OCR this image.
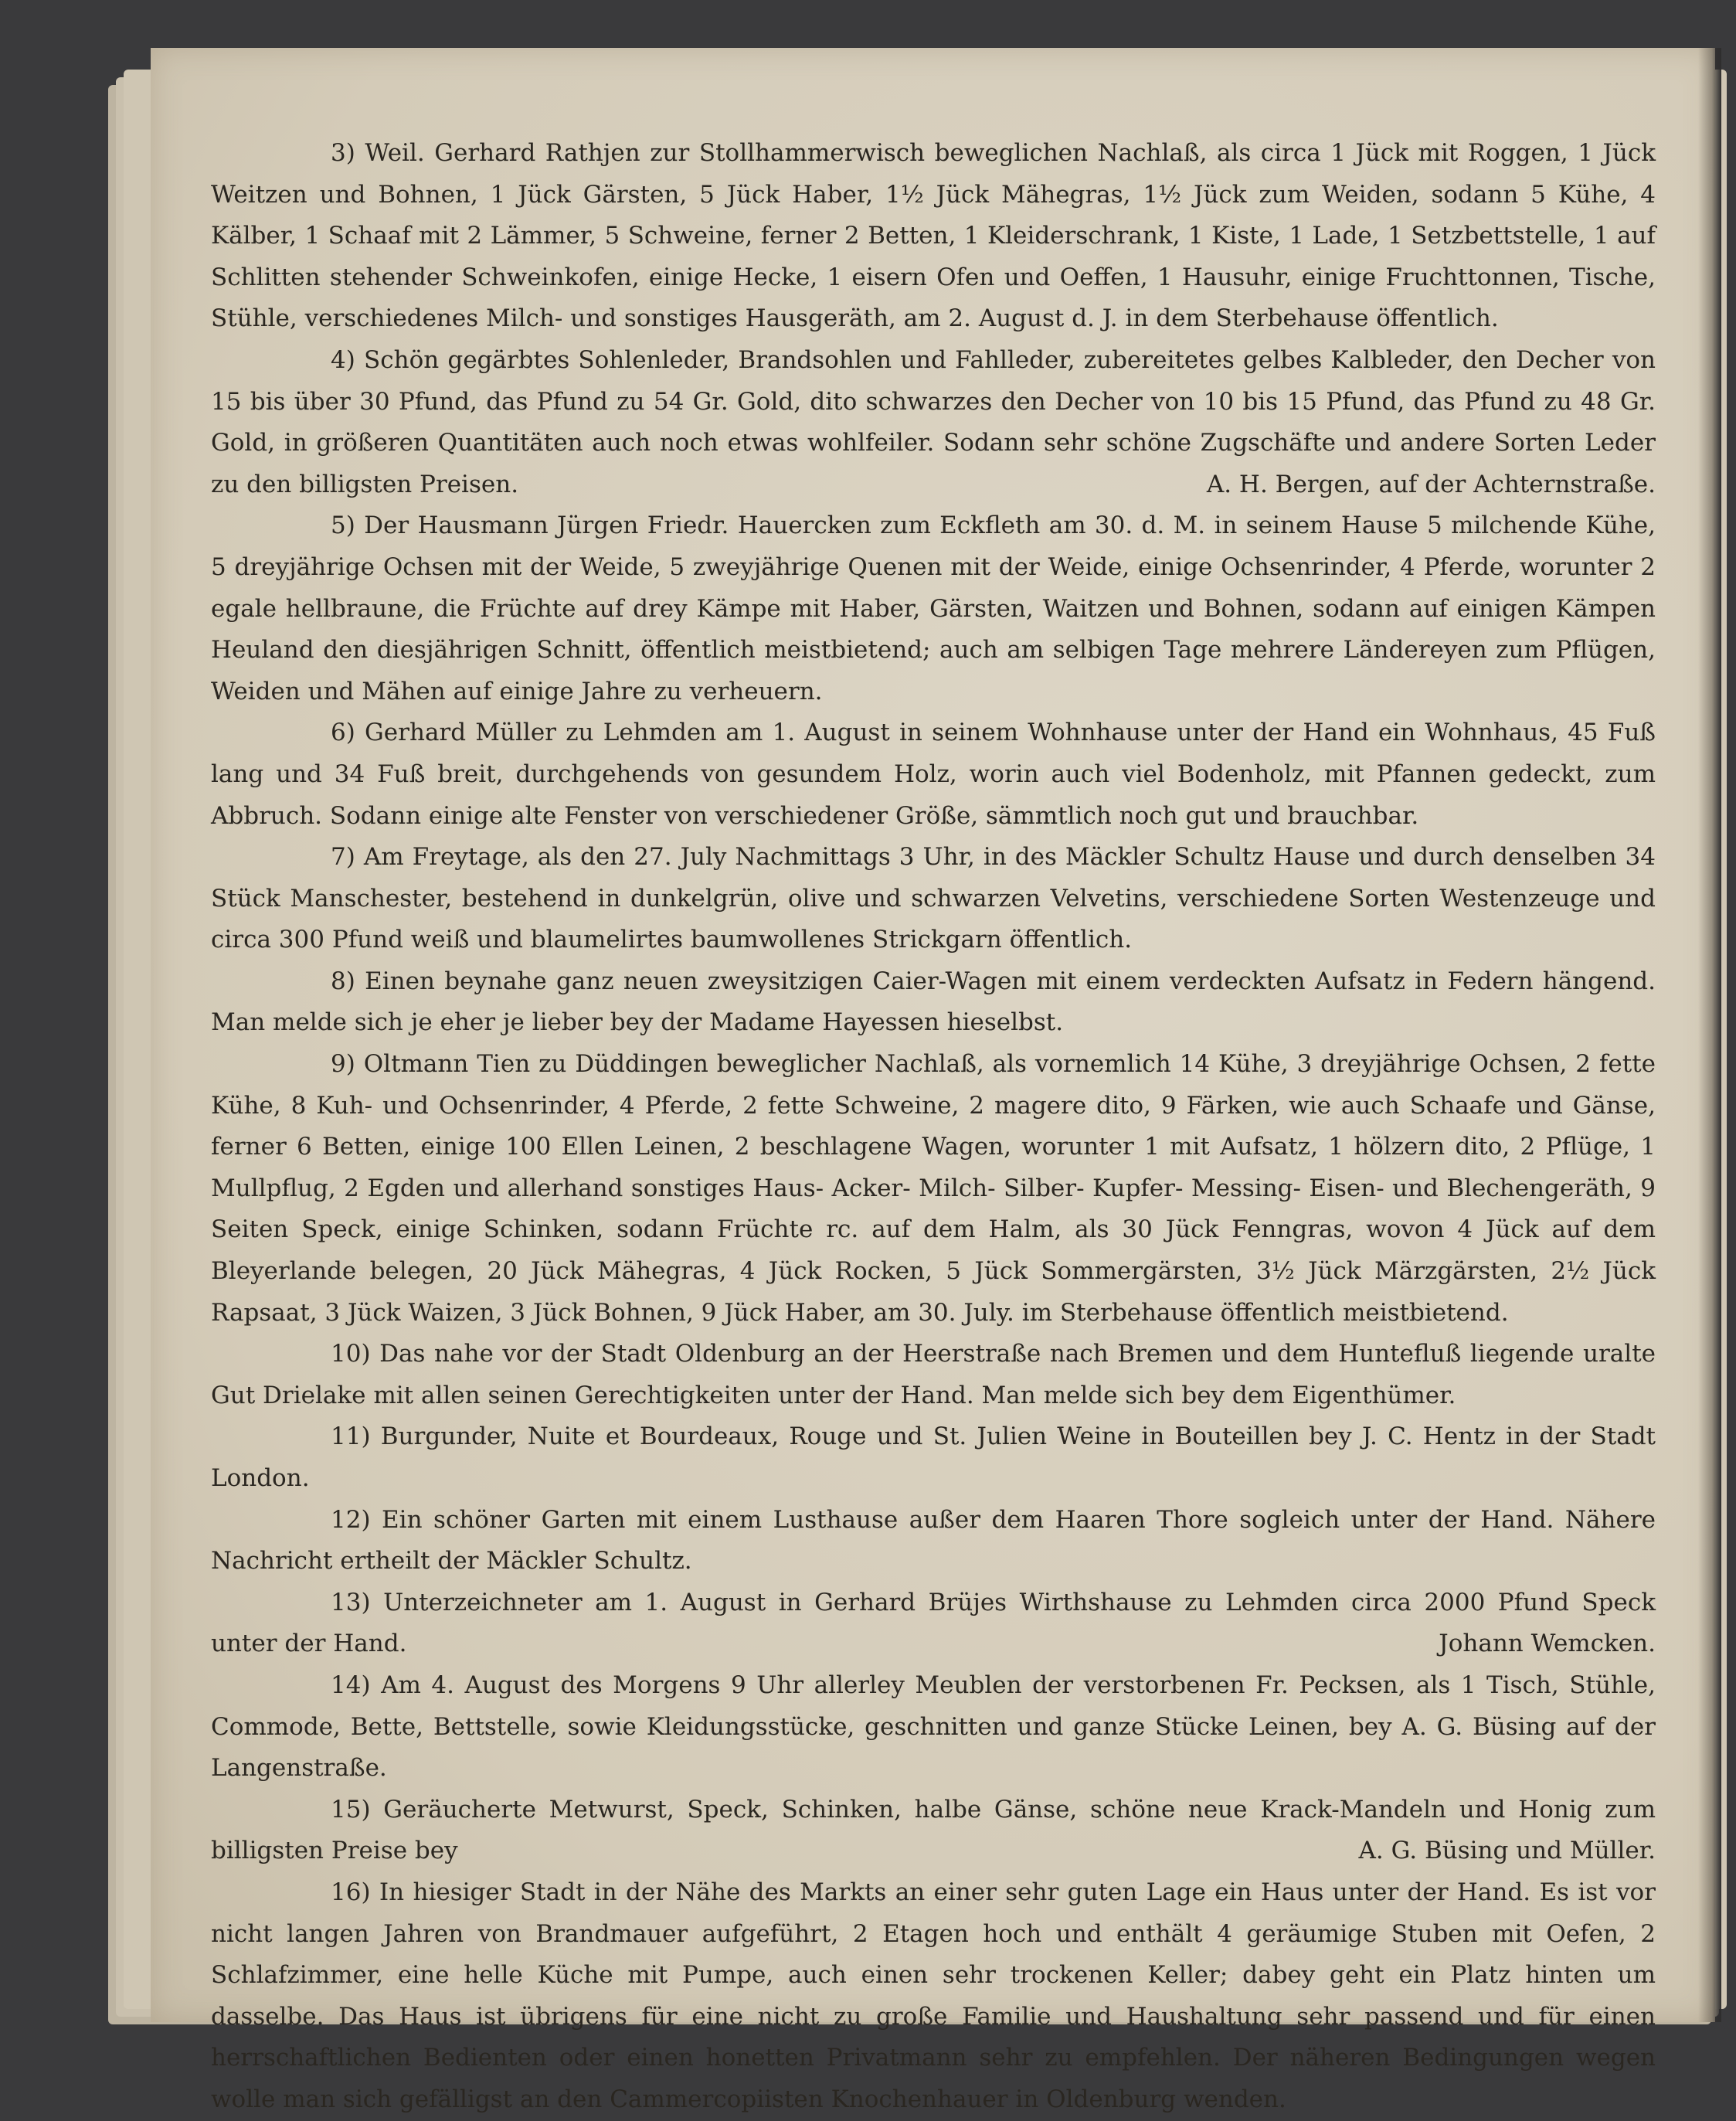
3) Weil. Gerhard Rathjen zur Stollhammerwisch beweglichen Nachlaß, als circa 1 Jück mit Roggen, 1 Jück Weitzen und Bohnen, 1 Jück Gärsten, 5 Jück Haber, 1½ Jück Mähegras, 1½ Jück zum Weiden, sodann 5 Kühe, 4 Kälber, 1 Schaaf mit 2 Lämmer, 5 Schweine, ferner 2 Betten, 1 Kleiderschrank, 1 Kiste, 1 Lade, 1 Setzbettstelle, 1 auf Schlitten stehender Schweinkofen, einige Hecke, 1 eisern Ofen und Oeffen, 1 Hausuhr, einige Fruchttonnen, Tische, Stühle, verschiedenes Milch- und sonstiges Hausgeräth, am 2. August d. J. in dem Sterbehause öffentlich.

4) Schön gegärbtes Sohlenleder, Brandsohlen und Fahlleder, zubereitetes gelbes Kalbleder, den Decher von 15 bis über 30 Pfund, das Pfund zu 54 Gr. Gold, dito schwarzes den Decher von 10 bis 15 Pfund, das Pfund zu 48 Gr. Gold, in größeren Quantitäten auch noch etwas wohlfeiler. Sodann sehr schöne Zugschäfte und andere Sorten Leder zu den billigsten Preisen.	A. H. Bergen, auf der Achternstraße.

5) Der Hausmann Jürgen Friedr. Hauercken zum Eckfleth am 30. d. M. in seinem Hause 5 milchende Kühe, 5 dreyjährige Ochsen mit der Weide, 5 zweyjährige Quenen mit der Weide, einige Ochsenrinder, 4 Pferde, worunter 2 egale hellbraune, die Früchte auf drey Kämpe mit Haber, Gärsten, Waitzen und Bohnen, sodann auf einigen Kämpen Heuland den diesjährigen Schnitt, öffentlich meistbietend; auch am selbigen Tage mehrere Ländereyen zum Pflügen, Weiden und Mähen auf einige Jahre zu verheuern.

6) Gerhard Müller zu Lehmden am 1. August in seinem Wohnhause unter der Hand ein Wohnhaus, 45 Fuß lang und 34 Fuß breit, durchgehends von gesundem Holz, worin auch viel Bodenholz, mit Pfannen gedeckt, zum Abbruch. Sodann einige alte Fenster von verschiedener Größe, sämmtlich noch gut und brauchbar.

7) Am Freytage, als den 27. July Nachmittags 3 Uhr, in des Mäckler Schultz Hause und durch denselben 34 Stück Manschester, bestehend in dunkelgrün, olive und schwarzen Velvetins, verschiedene Sorten Westenzeuge und circa 300 Pfund weiß und blaumelirtes baumwollenes Strickgarn öffentlich.

8) Einen beynahe ganz neuen zweysitzigen Caier-Wagen mit einem verdeckten Aufsatz in Federn hängend. Man melde sich je eher je lieber bey der Madame Hayessen hieselbst.

9) Oltmann Tien zu Düddingen beweglicher Nachlaß, als vornemlich 14 Kühe, 3 dreyjährige Ochsen, 2 fette Kühe, 8 Kuh- und Ochsenrinder, 4 Pferde, 2 fette Schweine, 2 magere dito, 9 Färken, wie auch Schaafe und Gänse, ferner 6 Betten, einige 100 Ellen Leinen, 2 beschlagene Wagen, worunter 1 mit Aufsatz, 1 hölzern dito, 2 Pflüge, 1 Mullpflug, 2 Egden und allerhand sonstiges Haus- Acker- Milch- Silber- Kupfer- Messing- Eisen- und Blechengeräth, 9 Seiten Speck, einige Schinken, sodann Früchte rc. auf dem Halm, als 30 Jück Fenngras, wovon 4 Jück auf dem Bleyerlande belegen, 20 Jück Mähegras, 4 Jück Rocken, 5 Jück Sommergärsten, 3½ Jück Märzgärsten, 2½ Jück Rapsaat, 3 Jück Waizen, 3 Jück Bohnen, 9 Jück Haber, am 30. July. im Sterbehause öffentlich meistbietend.

10) Das nahe vor der Stadt Oldenburg an der Heerstraße nach Bremen und dem Huntefluß liegende uralte Gut Drielake mit allen seinen Gerechtigkeiten unter der Hand. Man melde sich bey dem Eigenthümer.

11) Burgunder, Nuite et Bourdeaux, Rouge und St. Julien Weine in Bouteillen bey J. C. Hentz in der Stadt London.

12) Ein schöner Garten mit einem Lusthause außer dem Haaren Thore sogleich unter der Hand. Nähere Nachricht ertheilt der Mäckler Schultz.

13) Unterzeichneter am 1. August in Gerhard Brüjes Wirthshause zu Lehmden circa 2000 Pfund Speck unter der Hand.	Johann Wemcken.

14) Am 4. August des Morgens 9 Uhr allerley Meublen der verstorbenen Fr. Pecksen, als 1 Tisch, Stühle, Commode, Bette, Bettstelle, sowie Kleidungsstücke, geschnitten und ganze Stücke Leinen, bey A. G. Büsing auf der Langenstraße.

15) Geräucherte Metwurst, Speck, Schinken, halbe Gänse, schöne neue Krack-Mandeln und Honig zum billigsten Preise bey	A. G. Büsing und Müller.

16) In hiesiger Stadt in der Nähe des Markts an einer sehr guten Lage ein Haus unter der Hand. Es ist vor nicht langen Jahren von Brandmauer aufgeführt, 2 Etagen hoch und enthält 4 geräumige Stuben mit Oefen, 2 Schlafzimmer, eine helle Küche mit Pumpe, auch einen sehr trockenen Keller; dabey geht ein Platz hinten um dasselbe. Das Haus ist übrigens für eine nicht zu große Familie und Haushaltung sehr passend und für einen herrschaftlichen Bedienten oder einen honetten Privatmann sehr zu empfehlen. Der näheren Bedingungen wegen wolle man sich gefälligst an den Cammercopiisten Knochenhauer in Oldenburg wenden.
